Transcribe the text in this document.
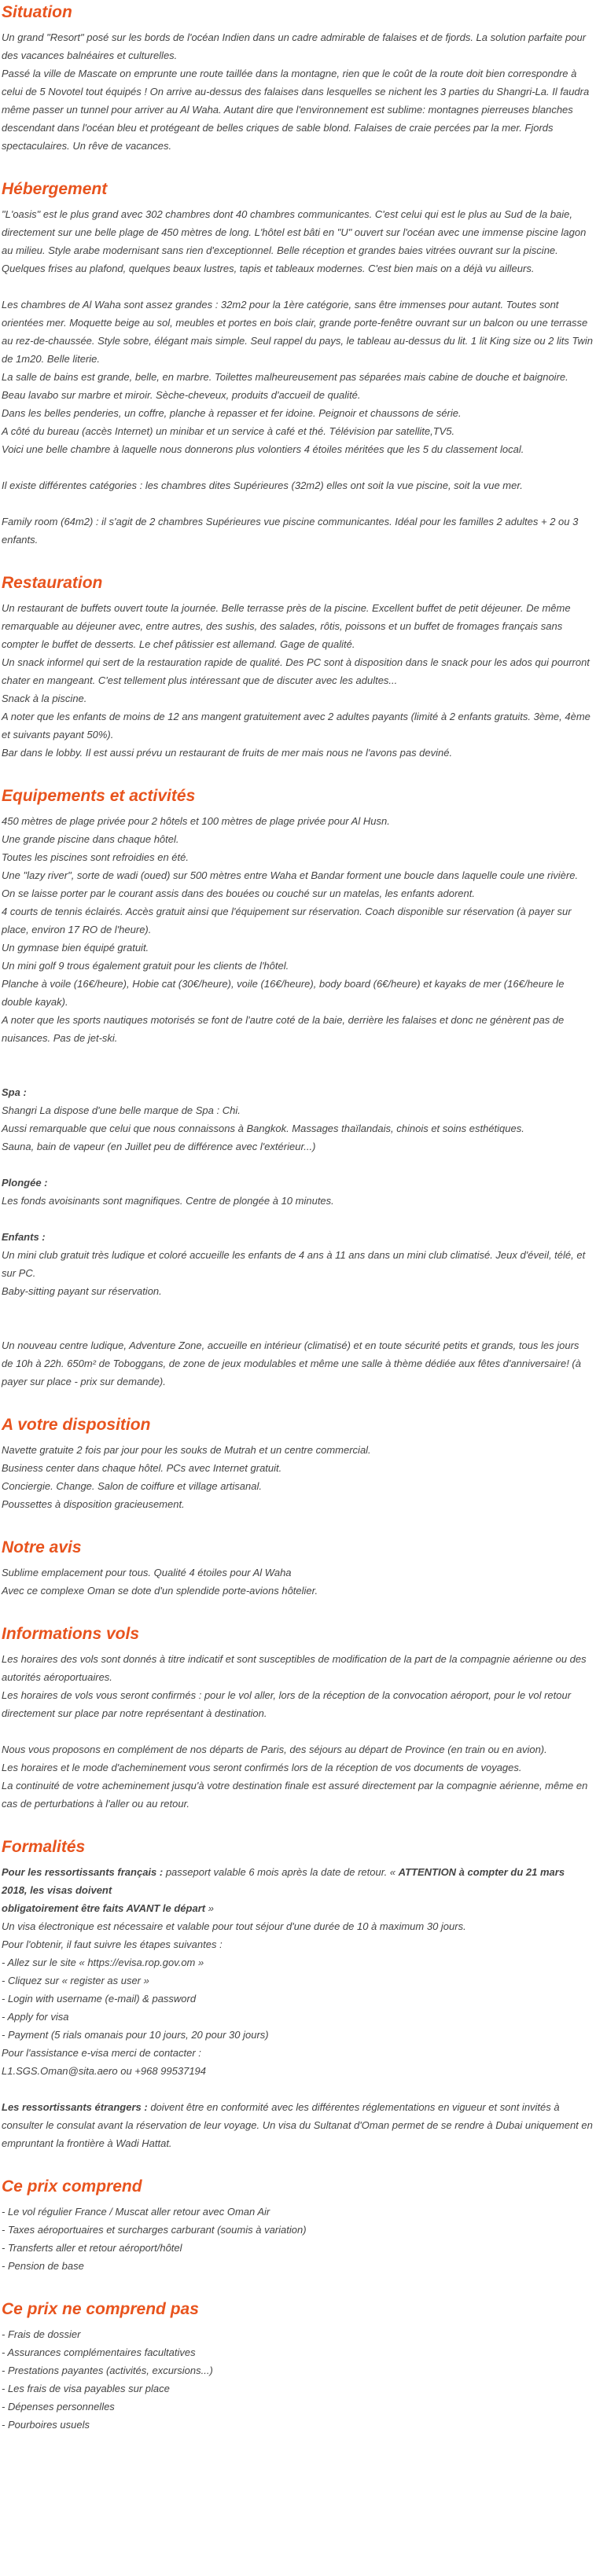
Situation

Un grand "Resort" posé sur les bords de l'océan Indien dans un cadre admirable de falaises et de fjords. La solution parfaite pour des vacances balnéaires et culturelles.

Passé la ville de Mascate on emprunte une route taillée dans la montagne, rien que le coût de la route doit bien correspondre à celui de 5 Novotel tout équipés ! On arrive au-dessus des falaises dans lesquelles se nichent les 3 parties du Shangri-La. Il faudra même passer un tunnel pour arriver au Al Waha. Autant dire que l'environnement est sublime: montagnes pierreuses blanches descendant dans l'océan bleu et protégeant de belles criques de sable blond. Falaises de craie percées par la mer. Fjords spectaculaires. Un rêve de vacances.

Hébergement

"L'oasis" est le plus grand avec 302 chambres dont 40 chambres communicantes. C'est celui qui est le plus au Sud de la baie, directement sur une belle plage de 450 mètres de long. L'hôtel est bâti en "U" ouvert sur l'océan avec une immense piscine lagon au milieu. Style arabe modernisant sans rien d'exceptionnel. Belle réception et grandes baies vitrées ouvrant sur la piscine. Quelques frises au plafond, quelques beaux lustres, tapis et tableaux modernes. C'est bien mais on a déjà vu ailleurs.

Les chambres de Al Waha sont assez grandes : 32m2 pour la 1ère catégorie, sans être immenses pour autant. Toutes sont orientées mer. Moquette beige au sol, meubles et portes en bois clair, grande porte-fenêtre ouvrant sur un balcon ou une terrasse au rez-de-chaussée. Style sobre, élégant mais simple. Seul rappel du pays, le tableau au-dessus du lit. 1 lit King size ou 2 lits Twin de 1m20. Belle literie.

La salle de bains est grande, belle, en marbre. Toilettes malheureusement pas séparées mais cabine de douche et baignoire. Beau lavabo sur marbre et miroir. Sèche-cheveux, produits d'accueil de qualité.

Dans les belles penderies, un coffre, planche à repasser et fer idoine. Peignoir et chaussons de série.

A côté du bureau (accès Internet) un minibar et un service à café et thé. Télévision par satellite,TV5.

Voici une belle chambre à laquelle nous donnerons plus volontiers 4 étoiles méritées que les 5 du classement local.

Il existe différentes catégories : les chambres dites Supérieures (32m2) elles ont soit la vue piscine, soit la vue mer.

Family room (64m2) : il s'agit de 2 chambres Supérieures vue piscine communicantes. Idéal pour les familles 2 adultes + 2 ou 3 enfants.

Restauration

Un restaurant de buffets ouvert toute la journée. Belle terrasse près de la piscine. Excellent buffet de petit déjeuner. De même remarquable au déjeuner avec, entre autres, des sushis, des salades, rôtis, poissons et un buffet de fromages français sans compter le buffet de desserts. Le chef pâtissier est allemand. Gage de qualité.

Un snack informel qui sert de la restauration rapide de qualité. Des PC sont à disposition dans le snack pour les ados qui pourront chater en mangeant. C'est tellement plus intéressant que de discuter avec les adultes...

Snack à la piscine.

A noter que les enfants de moins de 12 ans mangent gratuitement avec 2 adultes payants (limité à 2 enfants gratuits. 3ème, 4ème et suivants payant 50%).

Bar dans le lobby. Il est aussi prévu un restaurant de fruits de mer mais nous ne l'avons pas deviné.

Equipements et activités

450 mètres de plage privée pour 2 hôtels et 100 mètres de plage privée pour Al Husn.

Une grande piscine dans chaque hôtel.

Toutes les piscines sont refroidies en été.

Une "lazy river", sorte de wadi (oued) sur 500 mètres entre Waha et Bandar forment une boucle dans laquelle coule une rivière. On se laisse porter par le courant assis dans des bouées ou couché sur un matelas, les enfants adorent.

4 courts de tennis éclairés. Accès gratuit ainsi que l'équipement sur réservation. Coach disponible sur réservation (à payer sur place, environ 17 RO de l'heure).

Un gymnase bien équipé gratuit.

Un mini golf 9 trous également gratuit pour les clients de l'hôtel.

Planche à voile (16€/heure), Hobie cat (30€/heure), voile (16€/heure), body board (6€/heure) et kayaks de mer (16€/heure le double kayak).

A noter que les sports nautiques motorisés se font de l'autre coté de la baie, derrière les falaises et donc ne génèrent pas de nuisances. Pas de jet-ski.

Spa :

Shangri La dispose d'une belle marque de Spa : Chi.

Aussi remarquable que celui que nous connaissons à Bangkok. Massages thaïlandais, chinois et soins esthétiques.

Sauna, bain de vapeur (en Juillet peu de différence avec l'extérieur...)

Plongée :

Les fonds avoisinants sont magnifiques. Centre de plongée à 10 minutes.

Enfants :

Un mini club gratuit très ludique et coloré accueille les enfants de 4 ans à 11 ans dans un mini club climatisé. Jeux d'éveil, télé, et sur PC.

Baby-sitting payant sur réservation.

Un nouveau centre ludique, Adventure Zone, accueille en intérieur (climatisé) et en toute sécurité petits et grands, tous les jours de 10h à 22h. 650m² de Toboggans, de zone de jeux modulables et même une salle à thème dédiée aux fêtes d'anniversaire! (à payer sur place - prix sur demande).

A votre disposition

Navette gratuite 2 fois par jour pour les souks de Mutrah et un centre commercial.

Business center dans chaque hôtel. PCs avec Internet gratuit.

Conciergie. Change. Salon de coiffure et village artisanal.

Poussettes à disposition gracieusement.

Notre avis

Sublime emplacement pour tous. Qualité 4 étoiles pour Al Waha

Avec ce complexe Oman se dote d'un splendide porte-avions hôtelier.

Informations vols

Les horaires des vols sont donnés à titre indicatif et sont susceptibles de modification de la part de la compagnie aérienne ou des autorités aéroportuaires.

Les horaires de vols vous seront confirmés : pour le vol aller, lors de la réception de la convocation aéroport, pour le vol retour directement sur place par notre représentant à destination.

Nous vous proposons en complément de nos départs de Paris, des séjours au départ de Province (en train ou en avion).

Les horaires et le mode d'acheminement vous seront confirmés lors de la réception de vos documents de voyages.

La continuité de votre acheminement jusqu'à votre destination finale est assuré directement par la compagnie aérienne, même en cas de perturbations à l'aller ou au retour.

Formalités

Pour les ressortissants français : passeport valable 6 mois après la date de retour. « ATTENTION à compter du 21 mars 2018, les visas doivent
obligatoirement être faits AVANT le départ »

Un visa électronique est nécessaire et valable pour tout séjour d'une durée de 10 à maximum 30 jours.

Pour l'obtenir, il faut suivre les étapes suivantes :

- Allez sur le site « https://evisa.rop.gov.om »

- Cliquez sur « register as user »

- Login with username (e-mail) & password

- Apply for visa

- Payment (5 rials omanais pour 10 jours, 20 pour 30 jours)

Pour l'assistance e-visa merci de contacter :

L1.SGS.Oman@sita.aero ou +968 99537194

Les ressortissants étrangers : doivent être en conformité avec les différentes réglementations en vigueur et sont invités à consulter le consulat avant la réservation de leur voyage. Un visa du Sultanat d'Oman permet de se rendre à Dubai uniquement en empruntant la frontière à Wadi Hattat.

Ce prix comprend

- Le vol régulier France / Muscat aller retour avec Oman Air

- Taxes aéroportuaires et surcharges carburant (soumis à variation)

- Transferts aller et retour aéroport/hôtel

- Pension de base

Ce prix ne comprend pas

- Frais de dossier

- Assurances complémentaires facultatives

- Prestations payantes (activités, excursions...)

- Les frais de visa payables sur place

- Dépenses personnelles

- Pourboires usuels
